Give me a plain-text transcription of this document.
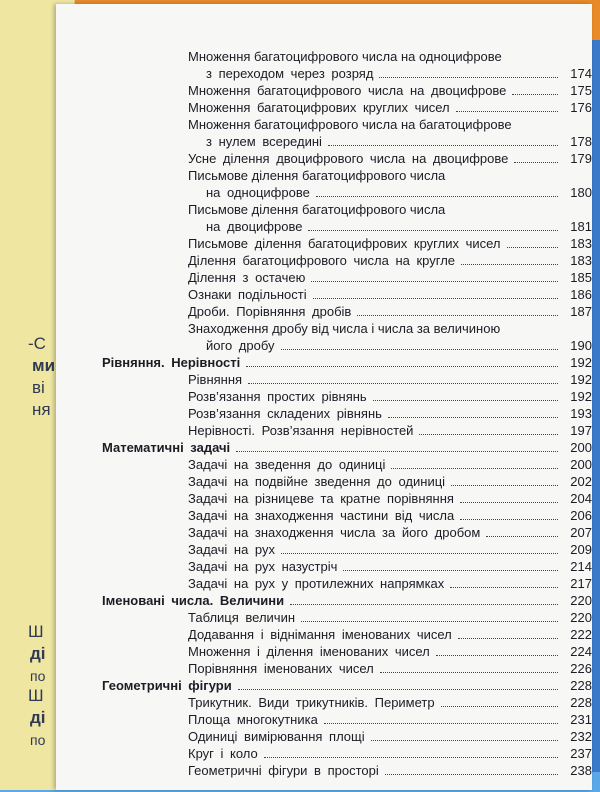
-C
ми
ві
ня
Ш
ді
по
Ш
ді
по
Множення багатоцифрового числа на одноцифрове
з переходом через розряд	174
Множення багатоцифрового числа на двоцифрове	175
Множення багатоцифрових круглих чисел	176
Множення багатоцифрового числа на багатоцифрове
з нулем всередині	178
Усне ділення двоцифрового числа на двоцифрове	179
Письмове ділення багатоцифрового числа
на одноцифрове	180
Письмове ділення багатоцифрового числа
на двоцифрове	181
Письмове ділення багатоцифрових круглих чисел	183
Ділення багатоцифрового числа на кругле	183
Ділення з остачею	185
Ознаки подільності	186
Дроби. Порівняння дробів	187
Знаходження дробу від числа і числа за величиною
його дробу	190
Рівняння. Нерівності	192
Рівняння	192
Розв’язання простих рівнянь	192
Розв’язання складених рівнянь	193
Нерівності. Розв’язання нерівностей	197
Математичні задачі	200
Задачі на зведення до одиниці	200
Задачі на подвійне зведення до одиниці	202
Задачі на різницеве та кратне порівняння	204
Задачі на знаходження частини від числа	206
Задачі на знаходження числа за його дробом	207
Задачі на рух	209
Задачі на рух назустріч	214
Задачі на рух у протилежних напрямках	217
Іменовані числа. Величини	220
Таблиця величин	220
Додавання і віднімання іменованих чисел	222
Множення і ділення іменованих чисел	224
Порівняння іменованих чисел	226
Геометричні фігури	228
Трикутник. Види трикутників. Периметр	228
Площа многокутника	231
Одиниці вимірювання площі	232
Круг і коло	237
Геометричні фігури в просторі	238
